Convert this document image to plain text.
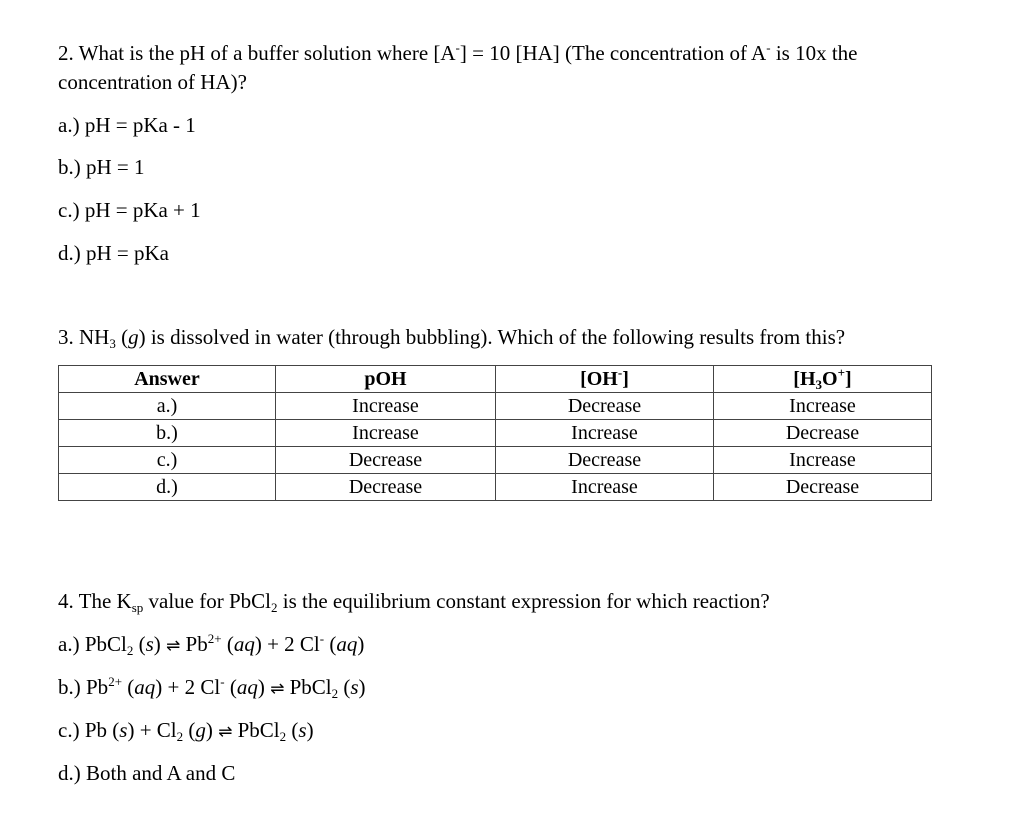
2. What is the pH of a buffer solution where [A-] = 10 [HA] (The concentration of A- is 10x the
concentration of HA)?
a.) pH = pKa - 1
b.) pH = 1
c.) pH = pKa + 1
d.) pH = pKa
3. $NH_3$ (g) is dissolved in water (through bubbling). Which of the following results from this?
Answer	pOH	[OH-]	$[H_3O^+]$
a.)	Increase	Decrease	Increase
b.)	Increase	Increase	Decrease
c.)	Decrease	Decrease	Increase
d.)	Decrease	Increase	Decrease
4. The Ksp value for PbCl$_2$ is the equilibrium constant expression for which reaction?
a.) PbCl$_2$ (s) ⇌ $Pb^{2+}$ (aq) + 2 Cl- (aq)
b.) $Pb^{2+}$ (aq) + 2 Cl- (aq) ⇌ PbCl$_2$ (s)
c.) Pb $(s) + Cl_2$ (g) ⇌ PbCl$_2$ (s)
d.) Both and A and C
